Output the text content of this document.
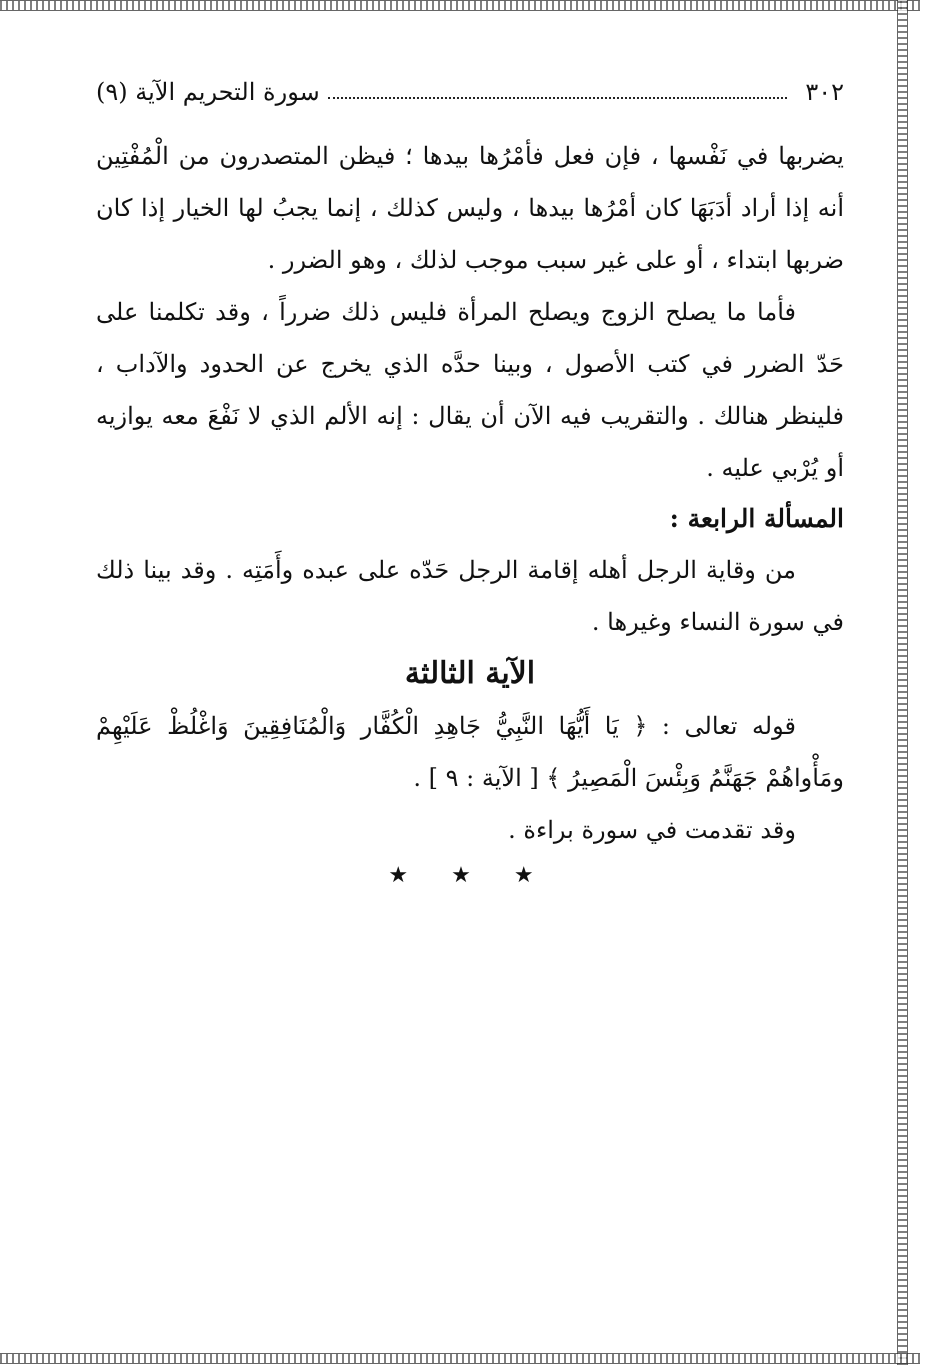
٣٠٢
سورة التحريم الآية (٩)

يضربها في نَفْسها ، فإن فعل فأمْرُها بيدها ؛ فيظن المتصدرون من الْمُفْتِين أنه إذا أراد أدَبَهَا كان أمْرُها بيدها ، وليس كذلك ، إنما يجبُ لها الخيار إذا كان ضربها ابتداء ، أو على غير سبب موجب لذلك ، وهو الضرر .

فأما ما يصلح الزوج ويصلح المرأة فليس ذلك ضرراً ، وقد تكلمنا على حَدّ الضرر في كتب الأصول ، وبينا حدَّه الذي يخرج عن الحدود والآداب ، فلينظر هنالك . والتقريب فيه الآن أن يقال : إنه الألم الذي لا نَفْعَ معه يوازيه أو يُرْبي عليه .

المسألة الرابعة :

من وقاية الرجل أهله إقامة الرجل حَدّه على عبده وأَمَتِه . وقد بينا ذلك في سورة النساء وغيرها .

الآية الثالثة

قوله تعالى : ﴿ يَا أَيُّهَا النَّبِيُّ جَاهِدِ الْكُفَّار وَالْمُنَافِقِينَ وَاغْلُظْ عَلَيْهِمْ ومَأْواهُمْ جَهَنَّمُ وَبِئْسَ الْمَصِيرُ ﴾ [ الآية : ٩ ] .

وقد تقدمت في سورة براءة .

★ ★ ★
